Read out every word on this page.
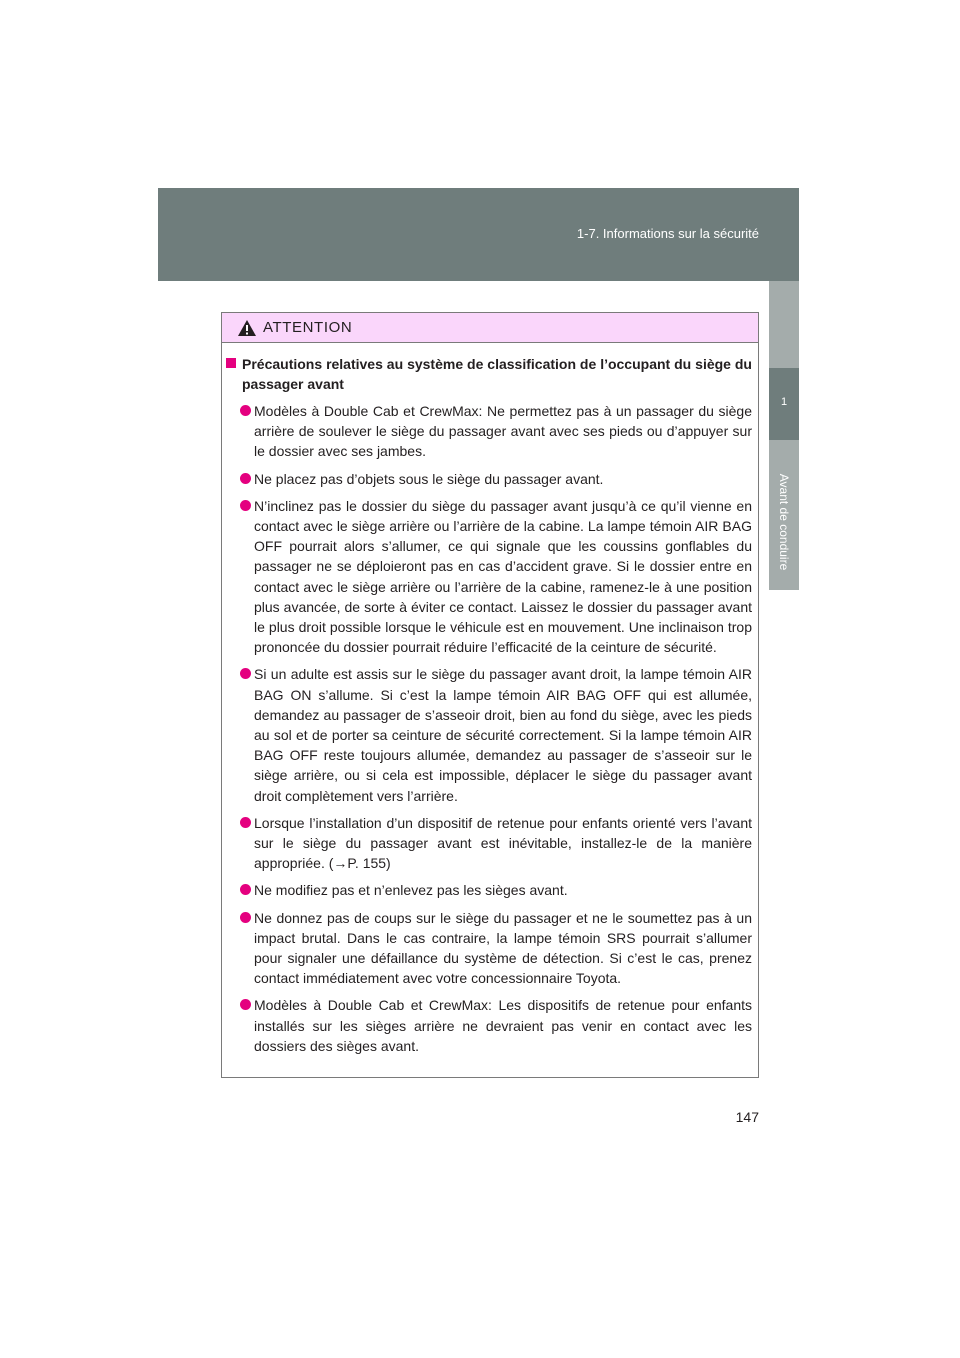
1-7. Informations sur la sécurité
1
Avant de conduire
ATTENTION
Précautions relatives au système de classification de l’occupant du siège du passager avant
Modèles à Double Cab et CrewMax: Ne permettez pas à un passager du siège arrière de soulever le siège du passager avant avec ses pieds ou d’appuyer sur le dossier avec ses jambes.
Ne placez pas d’objets sous le siège du passager avant.
N’inclinez pas le dossier du siège du passager avant jusqu’à ce qu’il vienne en contact avec le siège arrière ou l’arrière de la cabine. La lampe témoin AIR BAG OFF pourrait alors s’allumer, ce qui signale que les coussins gonflables du passager ne se déploieront pas en cas d’accident grave. Si le dossier entre en contact avec le siège arrière ou l’arrière de la cabine, ramenez-le à une position plus avancée, de sorte à éviter ce contact. Laissez le dossier du passager avant le plus droit possible lorsque le véhicule est en mouvement. Une inclinaison trop prononcée du dossier pourrait réduire l’efficacité de la ceinture de sécurité.
Si un adulte est assis sur le siège du passager avant droit, la lampe témoin AIR BAG ON s’allume. Si c’est la lampe témoin AIR BAG OFF qui est allumée, demandez au passager de s’asseoir droit, bien au fond du siège, avec les pieds au sol et de porter sa ceinture de sécurité correctement. Si la lampe témoin AIR BAG OFF reste toujours allumée, demandez au passager de s’asseoir sur le siège arrière, ou si cela est impossible, déplacer le siège du passager avant droit complètement vers l’arrière.
Lorsque l’installation d’un dispositif de retenue pour enfants orienté vers l’avant sur le siège du passager avant est inévitable, installez-le de la manière appropriée. (→P. 155)
Ne modifiez pas et n’enlevez pas les sièges avant.
Ne donnez pas de coups sur le siège du passager et ne le soumettez pas à un impact brutal. Dans le cas contraire, la lampe témoin SRS pourrait s’allumer pour signaler une défaillance du système de détection. Si c’est le cas, prenez contact immédiatement avec votre concessionnaire Toyota.
Modèles à Double Cab et CrewMax: Les dispositifs de retenue pour enfants installés sur les sièges arrière ne devraient pas venir en contact avec les dossiers des sièges avant.
147
